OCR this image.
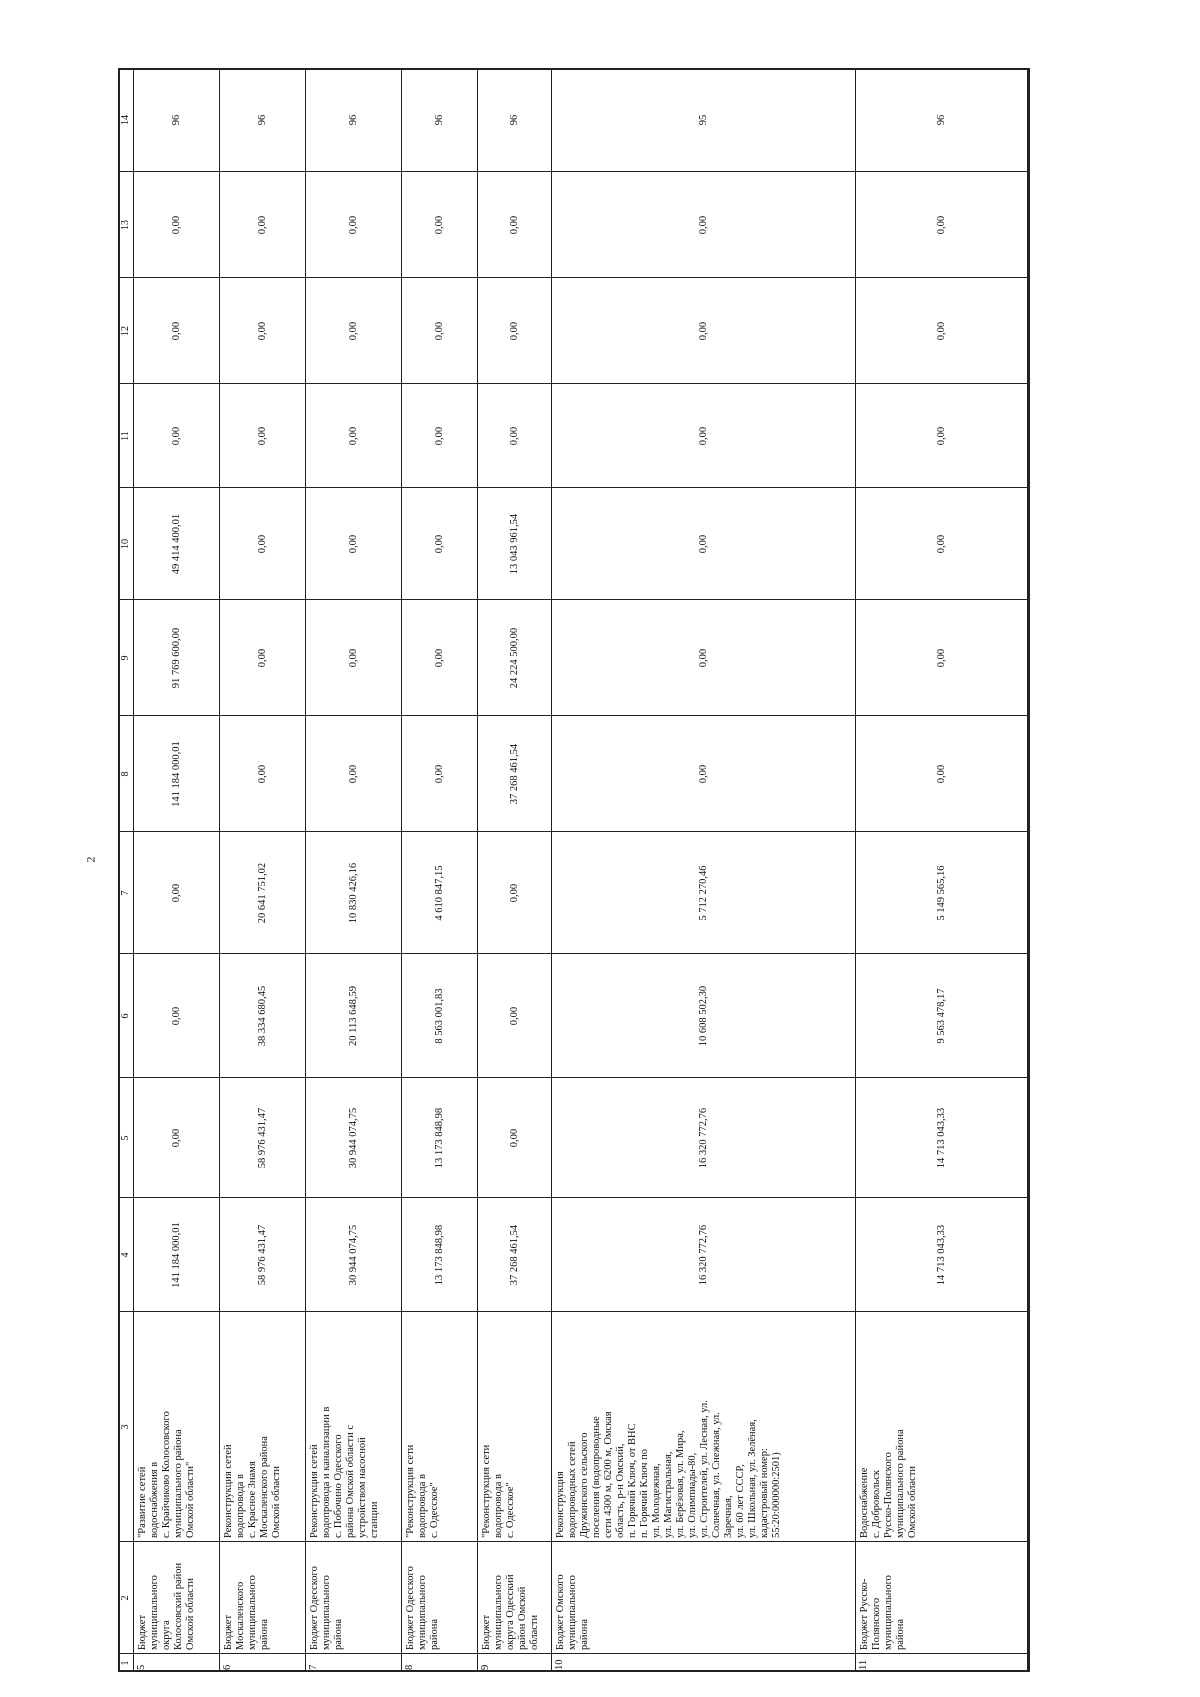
2
1
2
3
4
5
6
7
8
9
10
11
12
13
14
5
Бюджет
муниципального
округа
Колосовский район
Омской области
"Развитие сетей
водоснабжения в
с. Крайчиково Колосовского
муниципального района
Омской области"
141 184 000,01
0,00
0,00
0,00
141 184 000,01
91 769 600,00
49 414 400,01
0,00
0,00
0,00
96
6
Бюджет
Москаленского
муниципального
района
Реконструкция сетей
водопровода в
с. Красное Знамя
Москаленского района
Омской области
58 976 431,47
58 976 431,47
38 334 680,45
20 641 751,02
0,00
0,00
0,00
0,00
0,00
0,00
96
7
Бюджет Одесского
муниципального
района
Реконструкция сетей
водопровода и канализации в
с. Побочино Одесского
района Омской области с
устройством насосной
станции
30 944 074,75
30 944 074,75
20 113 648,59
10 830 426,16
0,00
0,00
0,00
0,00
0,00
0,00
96
8
Бюджет Одесского
муниципального
района
"Реконструкция сети
водопровода в
с. Одесское"
13 173 848,98
13 173 848,98
8 563 001,83
4 610 847,15
0,00
0,00
0,00
0,00
0,00
0,00
96
9
Бюджет
муниципального
округа Одесский
район Омской
области
"Реконструкция сети
водопровода в
с. Одесское"
37 268 461,54
0,00
0,00
0,00
37 268 461,54
24 224 500,00
13 043 961,54
0,00
0,00
0,00
96
10
Бюджет Омского
муниципального
района
Реконструкция
водопроводных сетей
Дружинского сельского
поселения (водопроводные
сети 4300 м, 6200 м, Омская
область, р-н Омский,
п. Горячий Ключ, от ВНС
п. Горячий Ключ по
ул. Молодежная,
ул. Магистральная,
ул. Берёзовая, ул. Мира,
ул. Олимпиады-80,
ул. Строителей, ул. Лесная, ул.
Солнечная, ул. Снежная, ул.
Заречная,
ул. 60 лет СССР,
ул. Школьная, ул. Зелёная,
кадастровый номер:
55:20:000000:2501)
16 320 772,76
16 320 772,76
10 608 502,30
5 712 270,46
0,00
0,00
0,00
0,00
0,00
0,00
95
11
Бюджет Русско-
Полянского
муниципального
района
Водоснабжение
с. Добровольск
Русско-Полянского
муниципального района
Омской области
14 713 043,33
14 713 043,33
9 563 478,17
5 149 565,16
0,00
0,00
0,00
0,00
0,00
0,00
96
